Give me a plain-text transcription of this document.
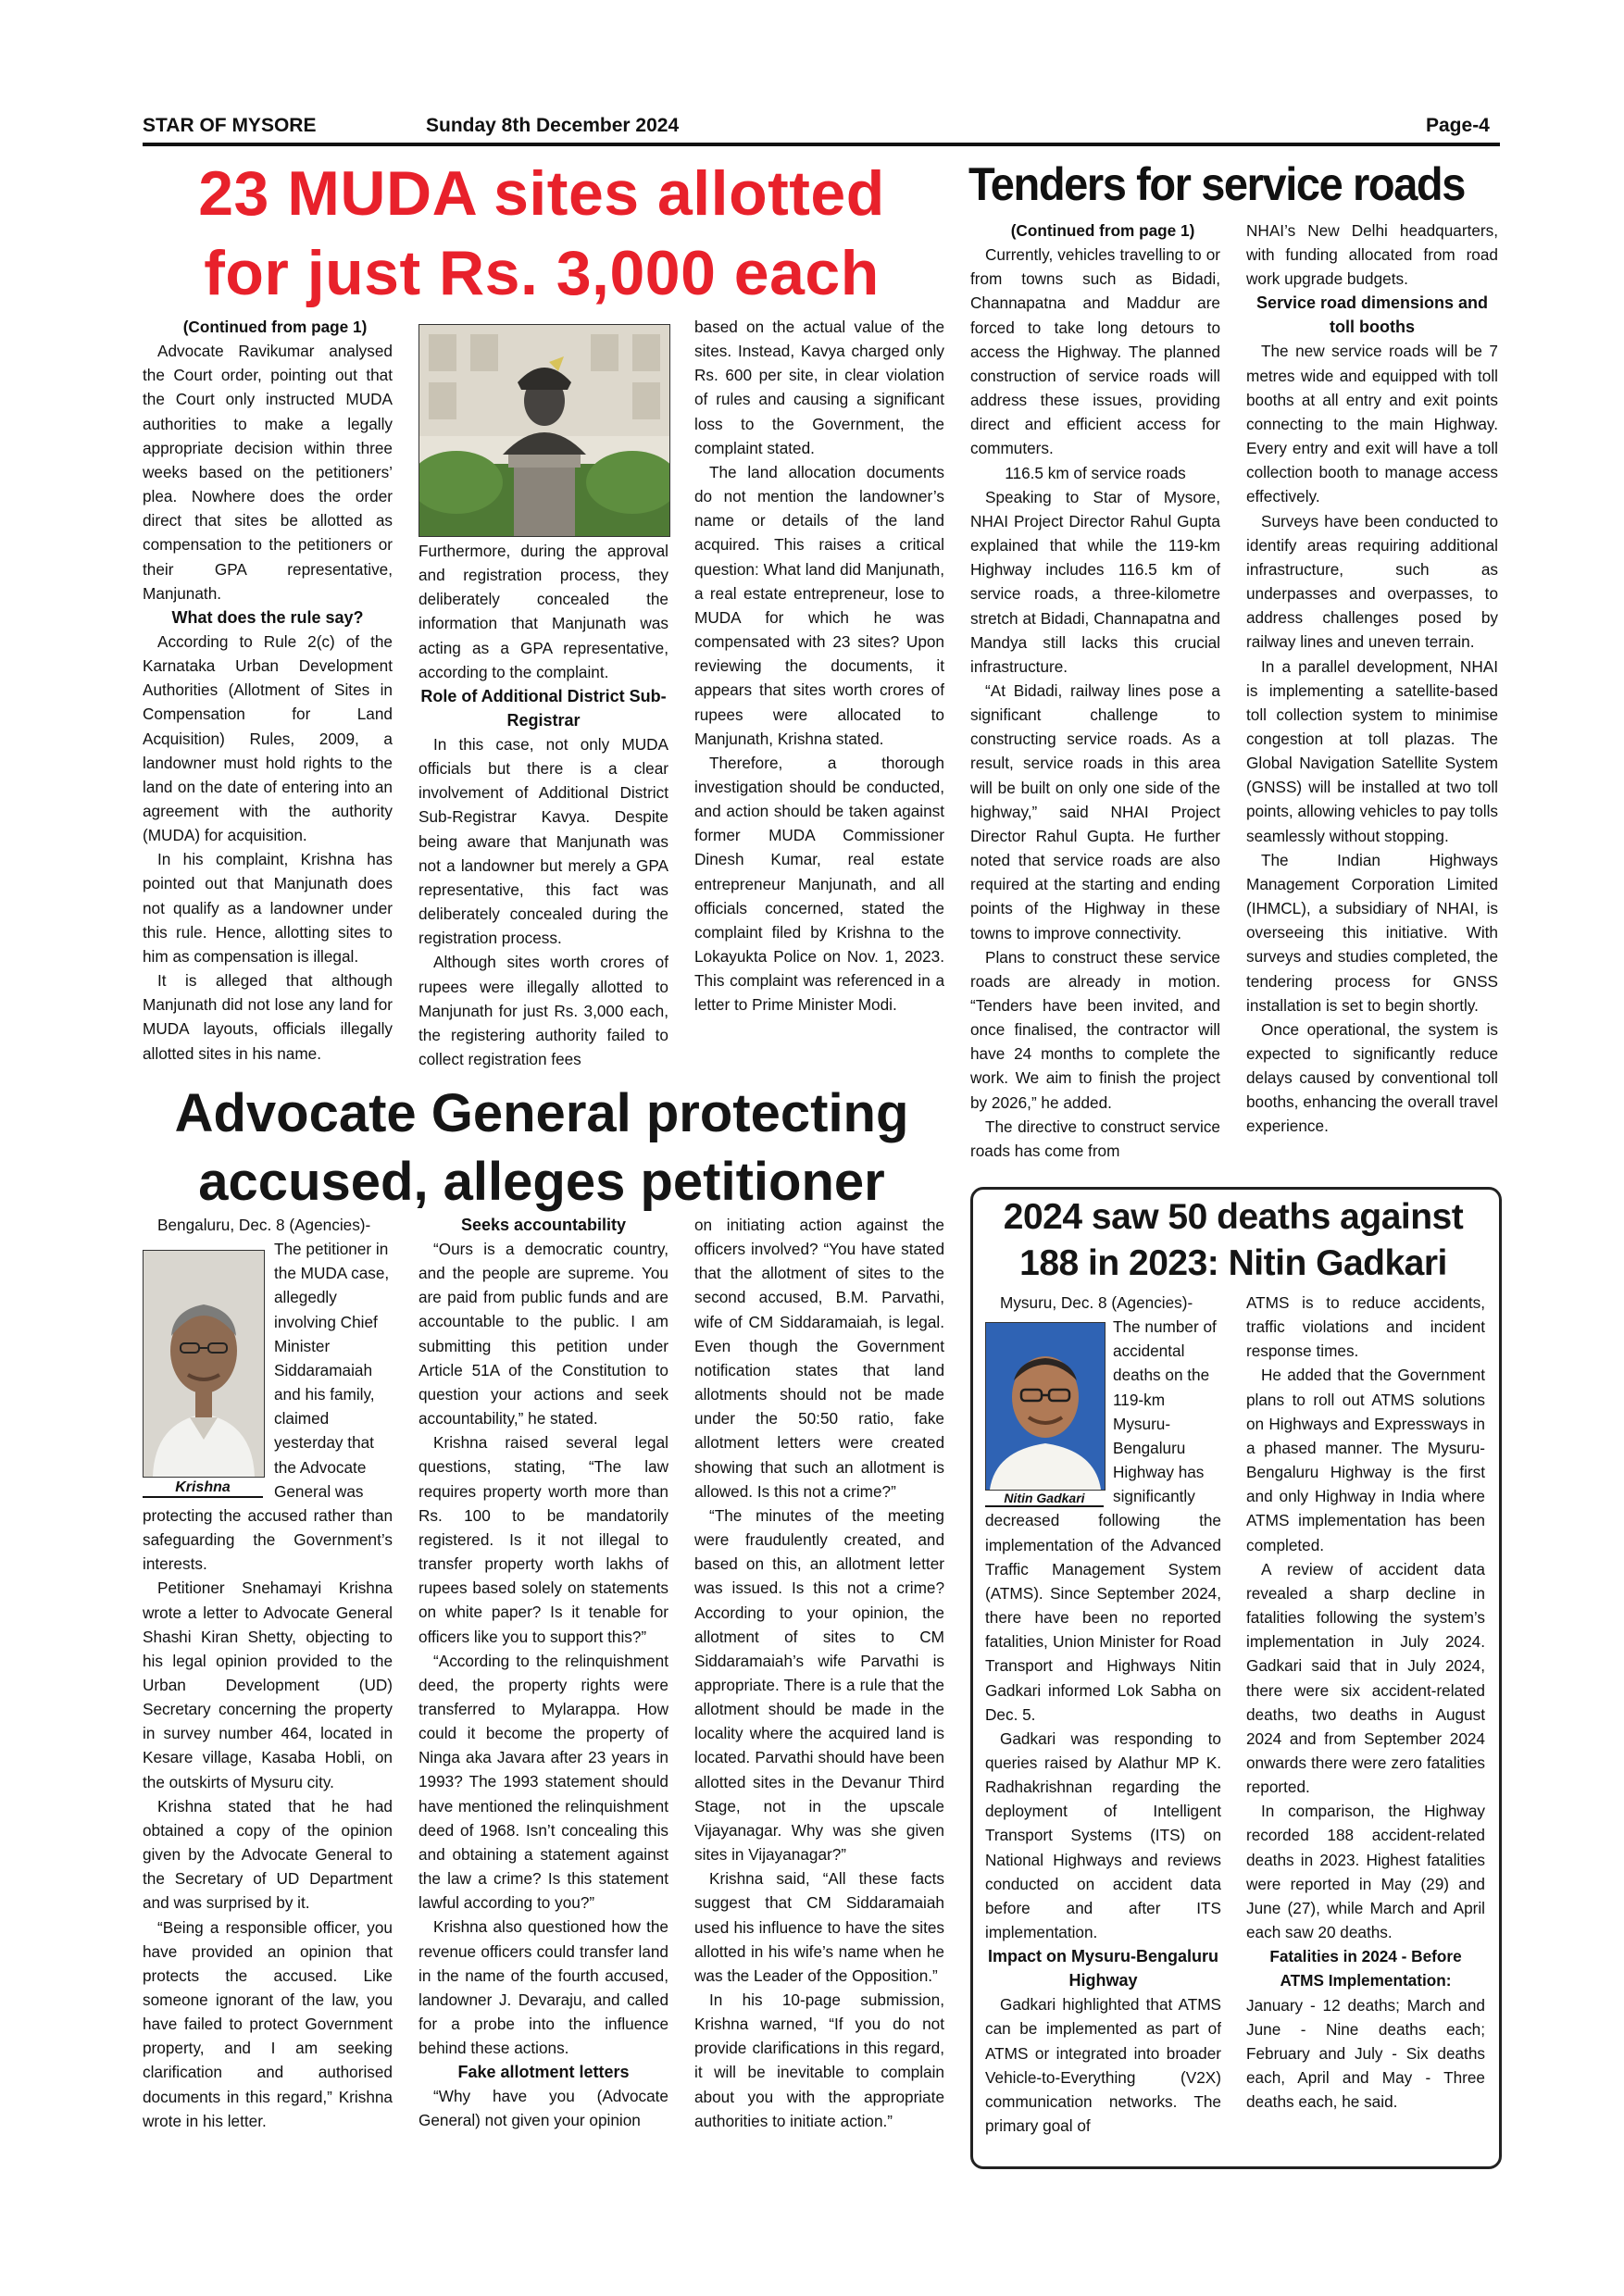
STAR OF MYSORE	Sunday 8th December 2024	Page-4
23 MUDA sites allotted
for just Rs. 3,000 each

(Continued from page 1)

Advocate Ravikumar analysed the Court order, pointing out that the Court only instructed MUDA authorities to make a legally appropriate decision within three weeks based on the petitioners’ plea. Nowhere does the order direct that sites be allotted as compensation to the petitioners or their GPA representative, Manjunath.

What does the rule say?

According to Rule 2(c) of the Karnataka Urban Development Authorities (Allotment of Sites in Compensation for Land Acquisition) Rules, 2009, a landowner must hold rights to the land on the date of entering into an agreement with the authority (MUDA) for acquisition.

In his complaint, Krishna has pointed out that Manjunath does not qualify as a landowner under this rule. Hence, allotting sites to him as compensation is illegal.

It is alleged that although Manjunath did not lose any land for MUDA layouts, officials illegally allotted sites in his name.

Furthermore, during the approval and registration process, they deliberately concealed the information that Manjunath was acting as a GPA representative, according to the complaint.

Role of Additional District Sub-Registrar

In this case, not only MUDA officials but there is a clear involvement of Additional District Sub-Registrar Kavya. Despite being aware that Manjunath was not a landowner but merely a GPA representative, this fact was deliberately concealed during the registration process.

Although sites worth crores of rupees were illegally allotted to Manjunath for just Rs. 3,000 each, the registering authority failed to collect registration fees

based on the actual value of the sites. Instead, Kavya charged only Rs. 600 per site, in clear violation of rules and causing a significant loss to the Government, the complaint stated.

The land allocation documents do not mention the landowner’s name or details of the land acquired. This raises a critical question: What land did Manjunath, a real estate entrepreneur, lose to MUDA for which he was compensated with 23 sites? Upon reviewing the documents, it appears that sites worth crores of rupees were allocated to Manjunath, Krishna stated.

Therefore, a thorough investigation should be conducted, and action should be taken against former MUDA Commissioner Dinesh Kumar, real estate entrepreneur Manjunath, and all officials concerned, stated the complaint filed by Krishna to the Lokayukta Police on Nov. 1, 2023. This complaint was referenced in a letter to Prime Minister Modi.

Tenders for service roads

(Continued from page 1)

Currently, vehicles travelling to or from towns such as Bidadi, Channapatna and Maddur are forced to take long detours to access the Highway. The planned construction of service roads will address these issues, providing direct and efficient access for commuters.

116.5 km of service roads

Speaking to Star of Mysore, NHAI Project Director Rahul Gupta explained that while the 119-km Highway includes 116.5 km of service roads, a three-kilometre stretch at Bidadi, Channapatna and Mandya still lacks this crucial infrastructure.

“At Bidadi, railway lines pose a significant challenge to constructing service roads. As a result, service roads in this area will be built on only one side of the highway,” said NHAI Project Director Rahul Gupta. He further noted that service roads are also required at the starting and ending points of the Highway in these towns to improve connectivity.

Plans to construct these service roads are already in motion. “Tenders have been invited, and once finalised, the contractor will have 24 months to complete the work. We aim to finish the project by 2026,” he added.

The directive to construct service roads has come from

NHAI’s New Delhi headquarters, with funding allocated from road work upgrade budgets.

Service road dimensions and toll booths

The new service roads will be 7 metres wide and equipped with toll booths at all entry and exit points connecting to the main Highway. Every entry and exit will have a toll collection booth to manage access effectively.

Surveys have been conducted to identify areas requiring additional infrastructure, such as underpasses and overpasses, to address challenges posed by railway lines and uneven terrain.

In a parallel development, NHAI is implementing a satellite-based toll collection system to minimise congestion at toll plazas. The Global Navigation Satellite System (GNSS) will be installed at two toll points, allowing vehicles to pay tolls seamlessly without stopping.

The Indian Highways Management Corporation Limited (IHMCL), a subsidiary of NHAI, is overseeing this initiative. With surveys and studies completed, the tendering process for GNSS installation is set to begin shortly.

Once operational, the system is expected to significantly reduce delays caused by conventional toll booths, enhancing the overall travel experience.

Advocate General protecting
accused, alleges petitioner
Krishna

Bengaluru, Dec. 8 (Agencies)-

The petitioner in the MUDA case, allegedly involving Chief Minister Siddaramaiah and his family, claimed yesterday that the Advocate General was

protecting the accused rather than safeguarding the Government’s interests.

Petitioner Snehamayi Krishna wrote a letter to Advocate General Shashi Kiran Shetty, objecting to his legal opinion provided to the Urban Development (UD) Secretary concerning the property in survey number 464, located in Kesare village, Kasaba Hobli, on the outskirts of Mysuru city.

Krishna stated that he had obtained a copy of the opinion given by the Advocate General to the Secretary of UD Department and was surprised by it.

“Being a responsible officer, you have provided an opinion that protects the accused. Like someone ignorant of the law, you have failed to protect Government property, and I am seeking clarification and authorised documents in this regard,” Krishna wrote in his letter.

Seeks accountability

“Ours is a democratic country, and the people are supreme. You are paid from public funds and are accountable to the public. I am submitting this petition under Article 51A of the Constitution to question your actions and seek accountability,” he stated.

Krishna raised several legal questions, stating, “The law requires property worth more than Rs. 100 to be mandatorily registered. Is it not illegal to transfer property worth lakhs of rupees based solely on statements on white paper? Is it tenable for officers like you to support this?”

“According to the relinquishment deed, the property rights were transferred to Mylarappa. How could it become the property of Ninga aka Javara after 23 years in 1993? The 1993 statement should have mentioned the relinquishment deed of 1968. Isn’t concealing this and obtaining a statement against the law a crime? Is this statement lawful according to you?”

Krishna also questioned how the revenue officers could transfer land in the name of the fourth accused, landowner J. Devaraju, and called for a probe into the influence behind these actions.

Fake allotment letters

“Why have you (Advocate General) not given your opinion

on initiating action against the officers involved? “You have stated that the allotment of sites to the second accused, B.M. Parvathi, wife of CM Siddaramaiah, is legal. Even though the Government notification states that land allotments should not be made under the 50:50 ratio, fake allotment letters were created showing that such an allotment is allowed. Is this not a crime?”

“The minutes of the meeting were fraudulently created, and based on this, an allotment letter was issued. Is this not a crime? According to your opinion, the allotment of sites to CM Siddaramaiah’s wife Parvathi is appropriate. There is a rule that the allotment should be made in the locality where the acquired land is located. Parvathi should have been allotted sites in the Devanur Third Stage, not in the upscale Vijayanagar. Why was she given sites in Vijayanagar?”

Krishna said, “All these facts suggest that CM Siddaramaiah used his influence to have the sites allotted in his wife’s name when he was the Leader of the Opposition.”

In his 10-page submission, Krishna warned, “If you do not provide clarifications in this regard, it will be inevitable to complain about you with the appropriate authorities to initiate action.”

2024 saw 50 deaths against
188 in 2023: Nitin Gadkari
Nitin Gadkari

Mysuru, Dec. 8 (Agencies)-

The number of accidental deaths on the 119-km Mysuru-Bengaluru Highway has significantly

decreased following the implementation of the Advanced Traffic Management System (ATMS). Since September 2024, there have been no reported fatalities, Union Minister for Road Transport and Highways Nitin Gadkari informed Lok Sabha on Dec. 5.

Gadkari was responding to queries raised by Alathur MP K. Radhakrishnan regarding the deployment of Intelligent Transport Systems (ITS) on National Highways and reviews conducted on accident data before and after ITS implementation.

Impact on Mysuru-Bengaluru Highway

Gadkari highlighted that ATMS can be implemented as part of ATMS or integrated into broader Vehicle-to-Everything (V2X) communication networks. The primary goal of

ATMS is to reduce accidents, traffic violations and incident response times.

He added that the Government plans to roll out ATMS solutions on Highways and Expressways in a phased manner. The Mysuru-Bengaluru Highway is the first and only Highway in India where ATMS implementation has been completed.

A review of accident data revealed a sharp decline in fatalities following the system’s implementation in July 2024. Gadkari said that in July 2024, there were six accident-related deaths, two deaths in August 2024 and from September 2024 onwards there were zero fatalities reported.

In comparison, the Highway recorded 188 accident-related deaths in 2023. Highest fatalities were reported in May (29) and June (27), while March and April each saw 20 deaths.

Fatalities in 2024 - Before ATMS Implementation:

January - 12 deaths; March and June - Nine deaths each; February and July - Six deaths each, April and May - Three deaths each, he said.
